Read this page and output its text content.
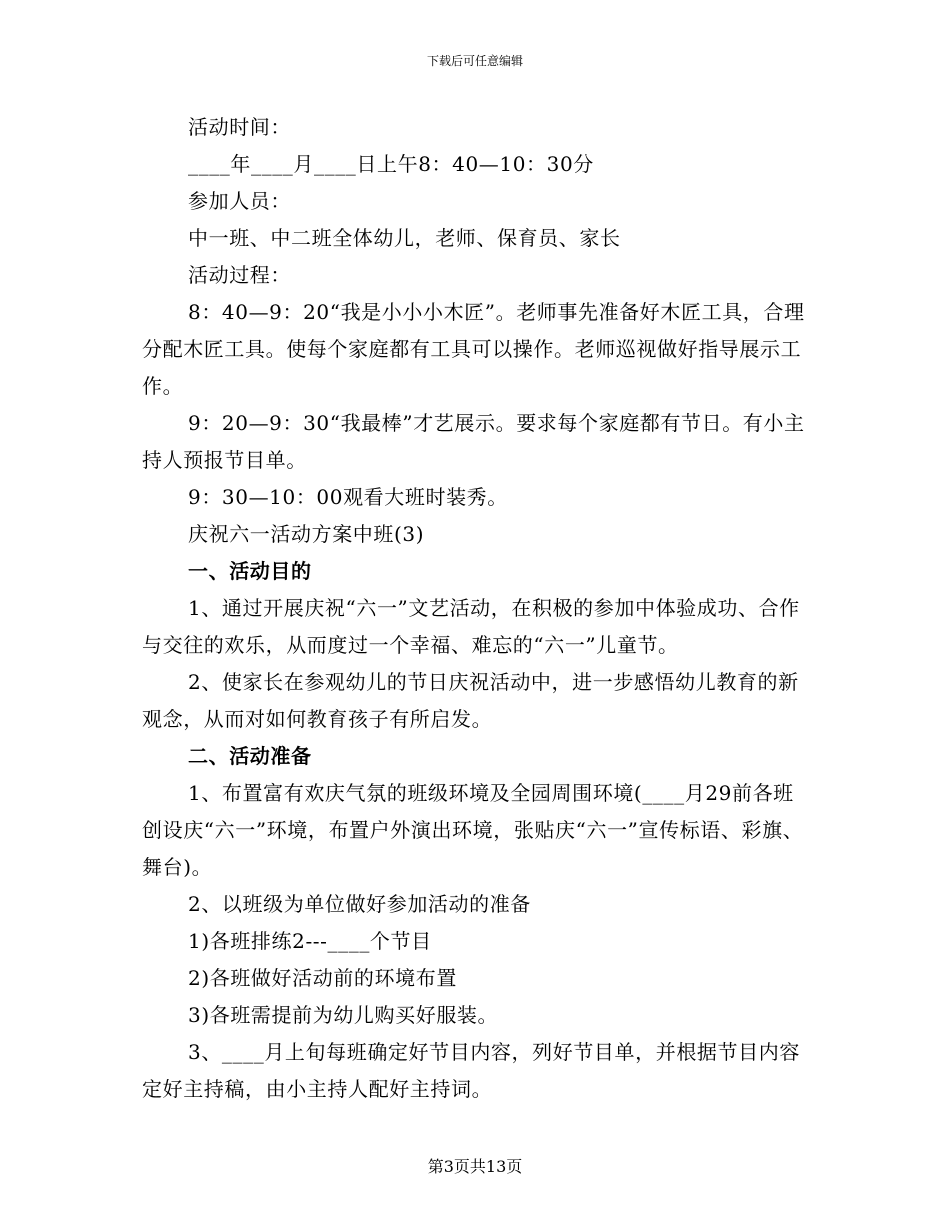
下载后可任意编辑

活动时间：

____年____月____日上午8：40—10：30分

参加人员：

中一班、中二班全体幼儿，老师、保育员、家长

活动过程：

8：40—9：20“我是小小小木匠”。老师事先准备好木匠工具，合理分配木匠工具。使每个家庭都有工具可以操作。老师巡视做好指导展示工作。

9：20—9：30“我最棒”才艺展示。要求每个家庭都有节日。有小主持人预报节目单。

9：30—10：00观看大班时装秀。

庆祝六一活动方案中班(3)

一、活动目的

1、通过开展庆祝“六一”文艺活动，在积极的参加中体验成功、合作与交往的欢乐，从而度过一个幸福、难忘的“六一”儿童节。

2、使家长在参观幼儿的节日庆祝活动中，进一步感悟幼儿教育的新观念，从而对如何教育孩子有所启发。

二、活动准备

1、布置富有欢庆气氛的班级环境及全园周围环境(____月29前各班创设庆“六一”环境，布置户外演出环境，张贴庆“六一”宣传标语、彩旗、舞台)。

2、以班级为单位做好参加活动的准备

1)各班排练2---____个节目

2)各班做好活动前的环境布置

3)各班需提前为幼儿购买好服装。

3、____月上旬每班确定好节目内容，列好节目单，并根据节目内容定好主持稿，由小主持人配好主持词。

第3页共13页
